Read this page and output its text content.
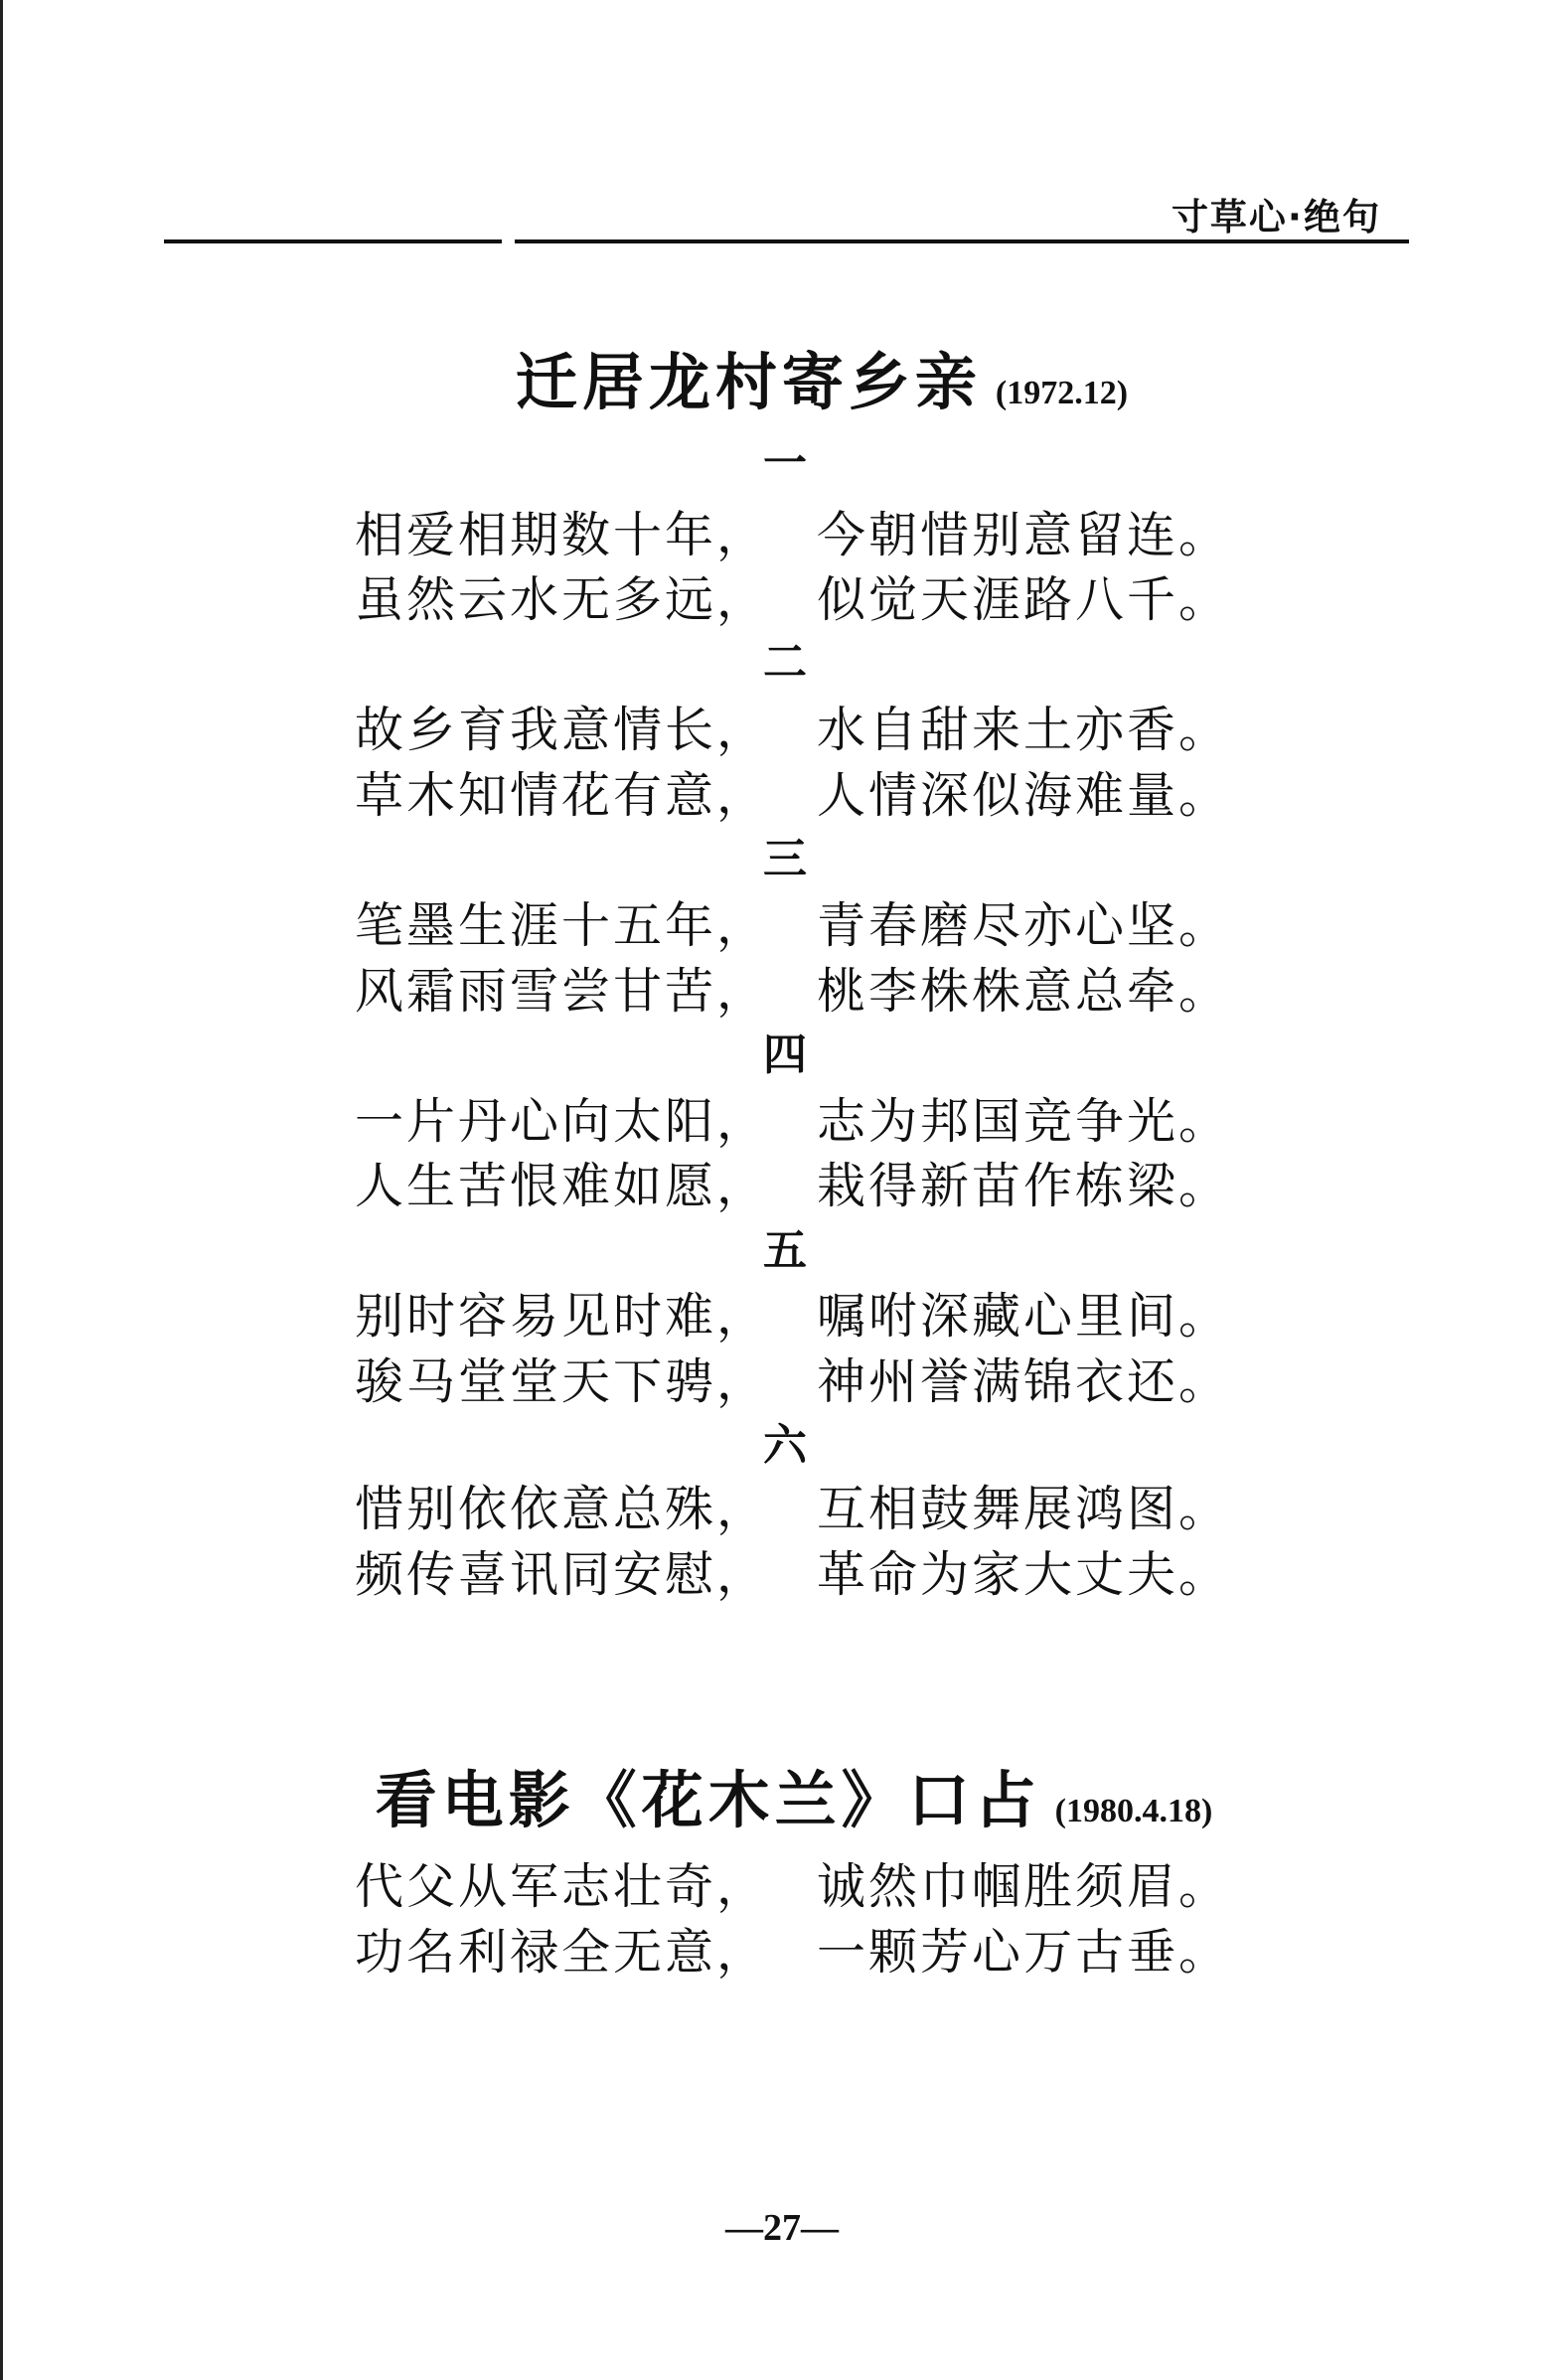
寸草心·绝句
迁居龙村寄乡亲 (1972.12)
一
相爱相期数十年， 今朝惜别意留连。
虽然云水无多远， 似觉天涯路八千。
二
故乡育我意情长， 水自甜来土亦香。
草木知情花有意， 人情深似海难量。
三
笔墨生涯十五年， 青春磨尽亦心坚。
风霜雨雪尝甘苦， 桃李株株意总牵。
四
一片丹心向太阳， 志为邦国竞争光。
人生苦恨难如愿， 栽得新苗作栋梁。
五
别时容易见时难， 嘱咐深藏心里间。
骏马堂堂天下骋， 神州誉满锦衣还。
六
惜别依依意总殊， 互相鼓舞展鸿图。
频传喜讯同安慰， 革命为家大丈夫。
看电影《花木兰》口占 (1980.4.18)
代父从军志壮奇， 诚然巾帼胜须眉。
功名利禄全无意， 一颗芳心万古垂。
—27—
